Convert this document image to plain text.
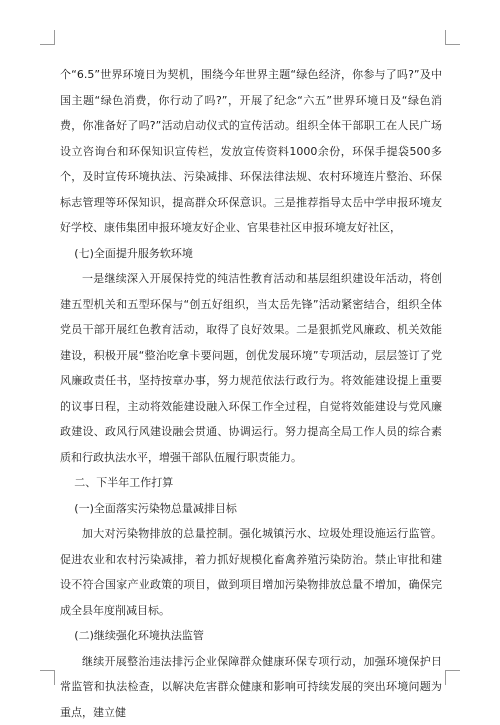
个“6.5”世界环境日为契机，围绕今年世界主题“绿色经济，你参与了吗?”及中国主题“绿色消费，你行动了吗?”，开展了纪念“六五”世界环境日及“绿色消费，你准备好了吗?”活动启动仪式的宣传活动。组织全体干部职工在人民广场设立咨询台和环保知识宣传栏，发放宣传资料1000余份，环保手提袋500多个，及时宣传环境执法、污染减排、环保法律法规、农村环境连片整治、环保标志管理等环保知识，提高群众环保意识。三是推荐指导太岳中学申报环境友好学校、康伟集团申报环境友好企业、官果巷社区申报环境友好社区，

(七)全面提升服务软环境

一是继续深入开展保持党的纯洁性教育活动和基层组织建设年活动，将创建五型机关和五型环保与“创五好组织，当太岳先锋”活动紧密结合，组织全体党员干部开展红色教育活动，取得了良好效果。二是狠抓党风廉政、机关效能建设，积极开展“整治吃拿卡要问题，创优发展环境”专项活动，层层签订了党风廉政责任书，坚持按章办事，努力规范依法行政行为。将效能建设提上重要的议事日程，主动将效能建设融入环保工作全过程，自觉将效能建设与党风廉政建设、政风行风建设融会贯通、协调运行。努力提高全局工作人员的综合素质和行政执法水平，增强干部队伍履行职责能力。

二、下半年工作打算

(一)全面落实污染物总量减排目标

加大对污染物排放的总量控制。强化城镇污水、垃圾处理设施运行监管。促进农业和农村污染减排，着力抓好规模化畜禽养殖污染防治。禁止审批和建设不符合国家产业政策的项目，做到项目增加污染物排放总量不增加，确保完成全县年度削减目标。

(二)继续强化环境执法监管

继续开展整治违法排污企业保障群众健康环保专项行动，加强环境保护日常监管和执法检查，以解决危害群众健康和影响可持续发展的突出环境问题为重点，建立健
